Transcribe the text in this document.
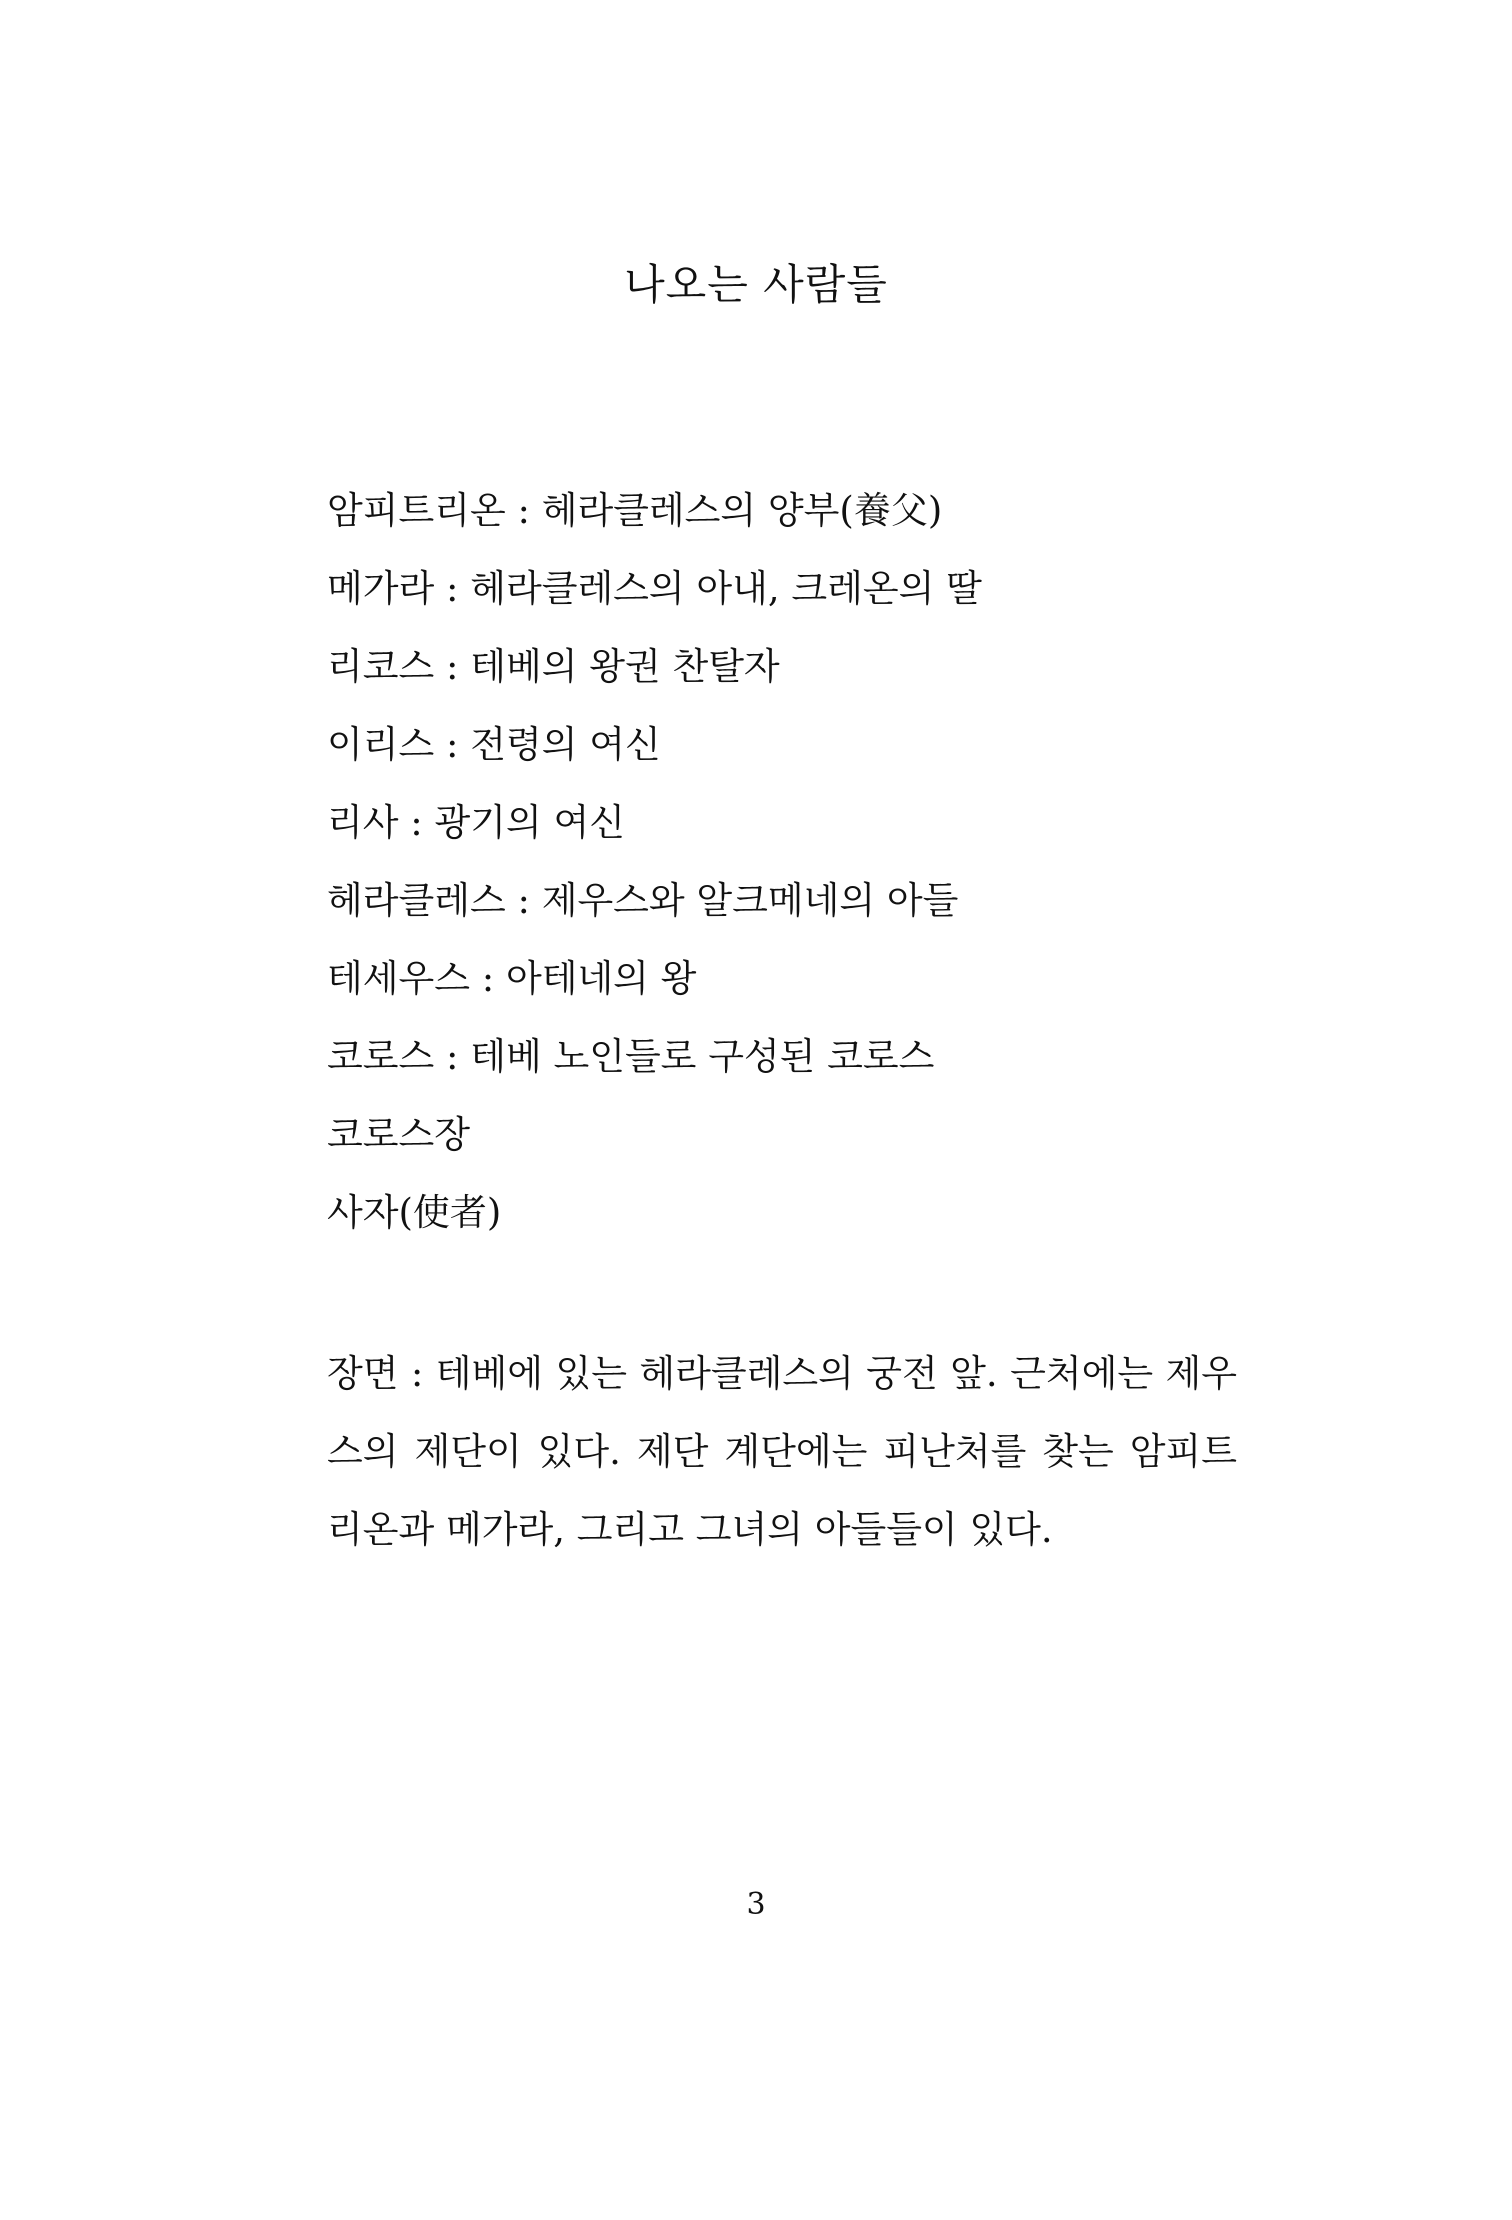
나오는 사람들
암피트리온 : 헤라클레스의 양부(養父)
메가라 : 헤라클레스의 아내, 크레온의 딸
리코스 : 테베의 왕권 찬탈자
이리스 : 전령의 여신
리사 : 광기의 여신
헤라클레스 : 제우스와 알크메네의 아들
테세우스 : 아테네의 왕
코로스 : 테베 노인들로 구성된 코로스
코로스장
사자(使者)

장면 : 테베에 있는 헤라클레스의 궁전 앞. 근처에는 제우스의 제단이 있다. 제단 계단에는 피난처를 찾는 암피트리온과 메가라, 그리고 그녀의 아들들이 있다.

3
